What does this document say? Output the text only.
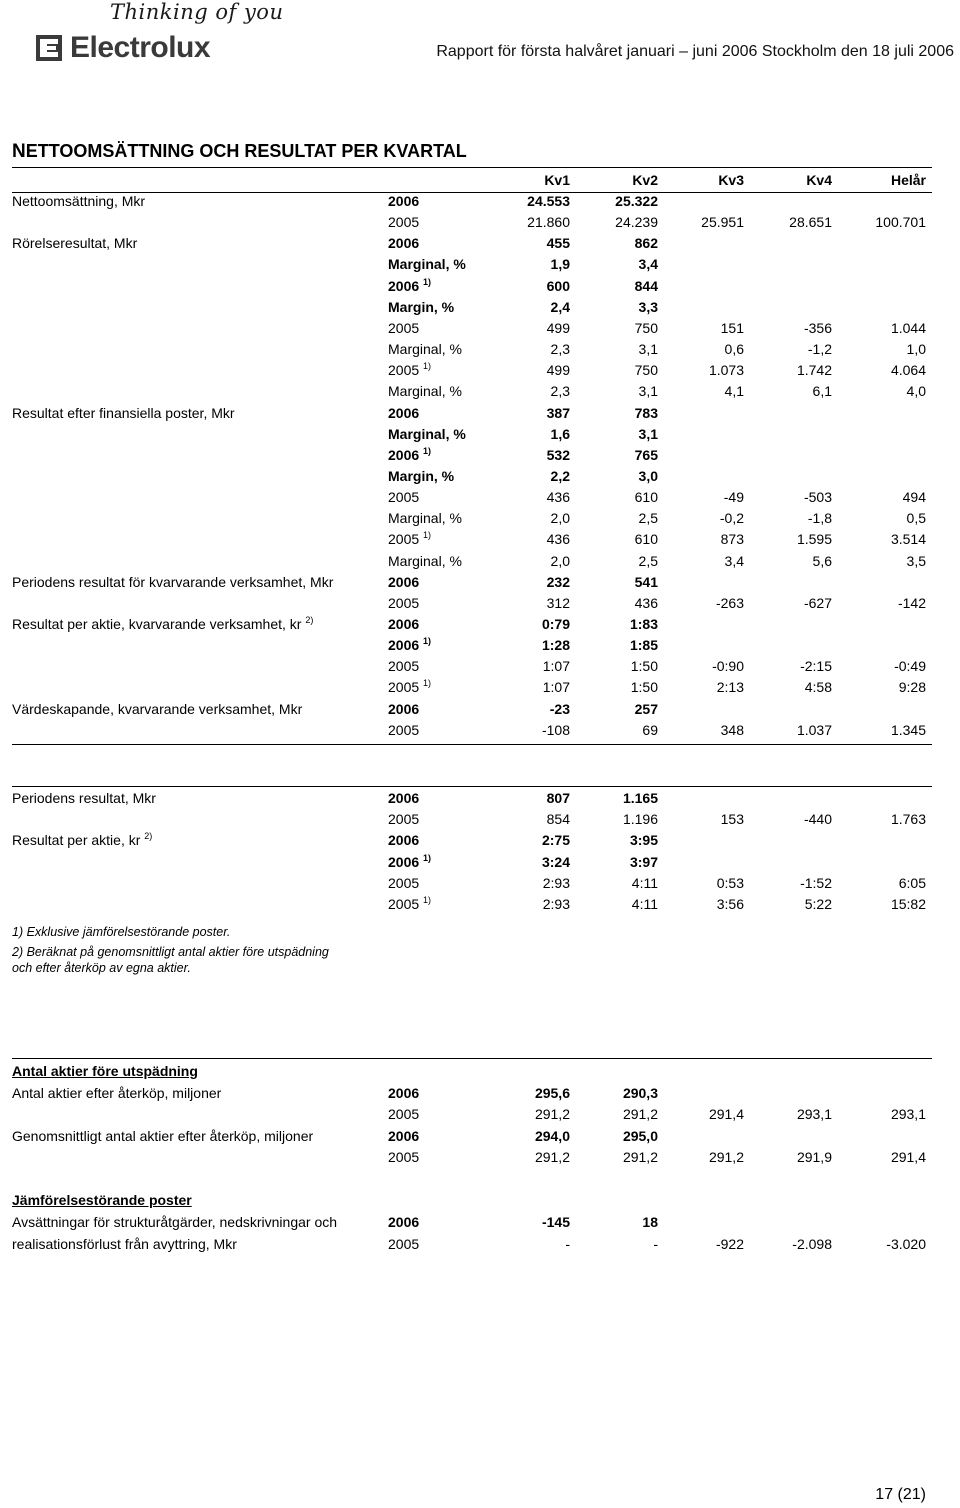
Thinking of you
Electrolux	Rapport för första halvåret januari – juni 2006 Stockholm den 18 juli 2006
NETTOOMSÄTTNING OCH RESULTAT PER KVARTAL
Kv1	Kv2	Kv3	Kv4	Helår
Nettoomsättning, Mkr	2006	24.553	25.322
2005	21.860	24.239	25.951	28.651	100.701
Rörelseresultat, Mkr	2006	455	862
Marginal, %	1,9	3,4
2006 $^{1)}$	600	844
Margin, %	2,4	3,3
2005	499	750	151	-356	1.044
Marginal, %	2,3	3,1	0,6	-1,2	1,0
2005 $^{1)}$	499	750	1.073	1.742	4.064
Marginal, %	2,3	3,1	4,1	6,1	4,0
Resultat efter finansiella poster, Mkr	2006	387	783
Marginal, %	1,6	3,1
2006 $^{1)}$	532	765
Margin, %	2,2	3,0
2005	436	610	-49	-503	494
Marginal, %	2,0	2,5	-0,2	-1,8	0,5
2005 $^{1)}$	436	610	873	1.595	3.514
Marginal, %	2,0	2,5	3,4	5,6	3,5
Periodens resultat för kvarvarande verksamhet, Mkr	2006	232	541
2005	312	436	-263	-627	-142
Resultat per aktie, kvarvarande verksamhet, kr $^{2)}$	2006	0:79	1:83
2006 $^{1)}$	1:28	1:85
2005	1:07	1:50	-0:90	-2:15	-0:49
2005 $^{1)}$	1:07	1:50	2:13	4:58	9:28
Värdeskapande, kvarvarande verksamhet, Mkr	2006	-23	257
2005	-108	69	348	1.037	1.345
Periodens resultat, Mkr	2006	807	1.165
2005	854	1.196	153	-440	1.763
Resultat per aktie, kr $^{2)}$	2006	2:75	3:95
2006 $^{1)}$	3:24	3:97
2005	2:93	4:11	0:53	-1:52	6:05
2005 $^{1)}$	2:93	4:11	3:56	5:22	15:82
Antal aktier efter återköp, miljoner	2006	295,6	290,3
2005	291,2	291,2	291,4	293,1	293,1
Genomsnittligt antal aktier efter återköp, miljoner	2006	294,0	295,0
2005	291,2	291,2	291,2	291,9	291,4
Avsättningar för strukturåtgärder, nedskrivningar och	2006	-145	18
realisationsförlust från avyttring, Mkr	2005	-	-	-922	-2.098	-3.020
1) Exklusive jämförelsestörande poster.
2) Beräknat på genomsnittligt antal aktier före utspädning
och efter återköp av egna aktier.
Antal aktier före utspädning
Jämförelsestörande poster
17 (21)
